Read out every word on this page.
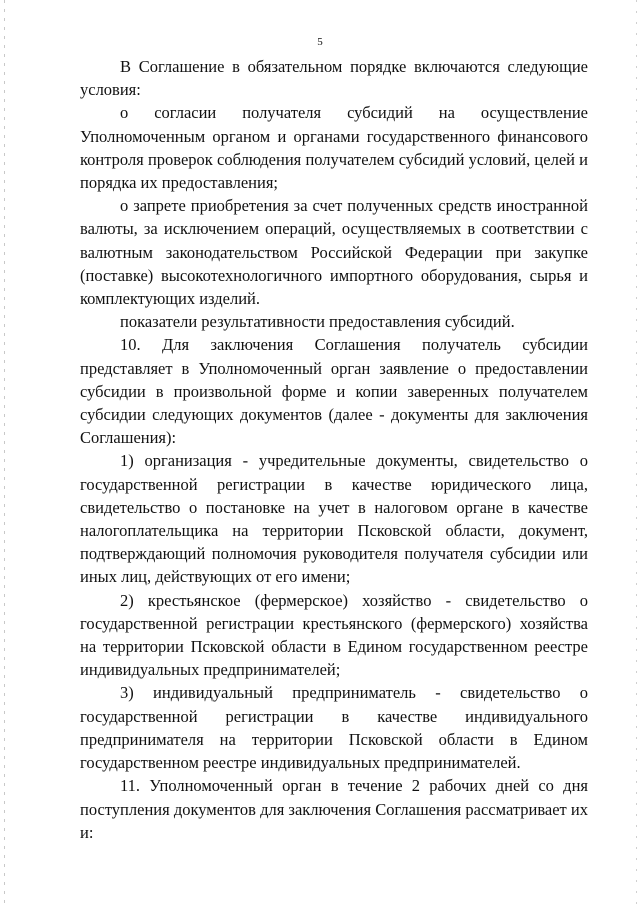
5

В Соглашение в обязательном порядке включаются следующие условия:

о согласии получателя субсидий на осуществление Уполномоченным органом и органами государственного финансового контроля проверок соблюдения получателем субсидий условий, целей и порядка их предоставления;

о запрете приобретения за счет полученных средств иностранной валюты, за исключением операций, осуществляемых в соответствии с валютным законодательством Российской Федерации при закупке (поставке) высокотехнологичного импортного оборудования, сырья и комплектующих изделий.

показатели результативности предоставления субсидий.

10. Для заключения Соглашения получатель субсидии представляет в Уполномоченный орган заявление о предоставлении субсидии в произвольной форме и копии заверенных получателем субсидии следующих документов (далее - документы для заключения Соглашения):

1) организация - учредительные документы, свидетельство о государственной регистрации в качестве юридического лица, свидетельство о постановке на учет в налоговом органе в качестве налогоплательщика на территории Псковской области, документ, подтверждающий полномочия руководителя получателя субсидии или иных лиц, действующих от его имени;

2) крестьянское (фермерское) хозяйство - свидетельство о государственной регистрации крестьянского (фермерского) хозяйства на территории Псковской области в Едином государственном реестре индивидуальных предпринимателей;

3) индивидуальный предприниматель - свидетельство о государственной регистрации в качестве индивидуального предпринимателя на территории Псковской области в Едином государственном реестре индивидуальных предпринимателей.

11. Уполномоченный орган в течение 2 рабочих дней со дня поступления документов для заключения Соглашения рассматривает их и:
